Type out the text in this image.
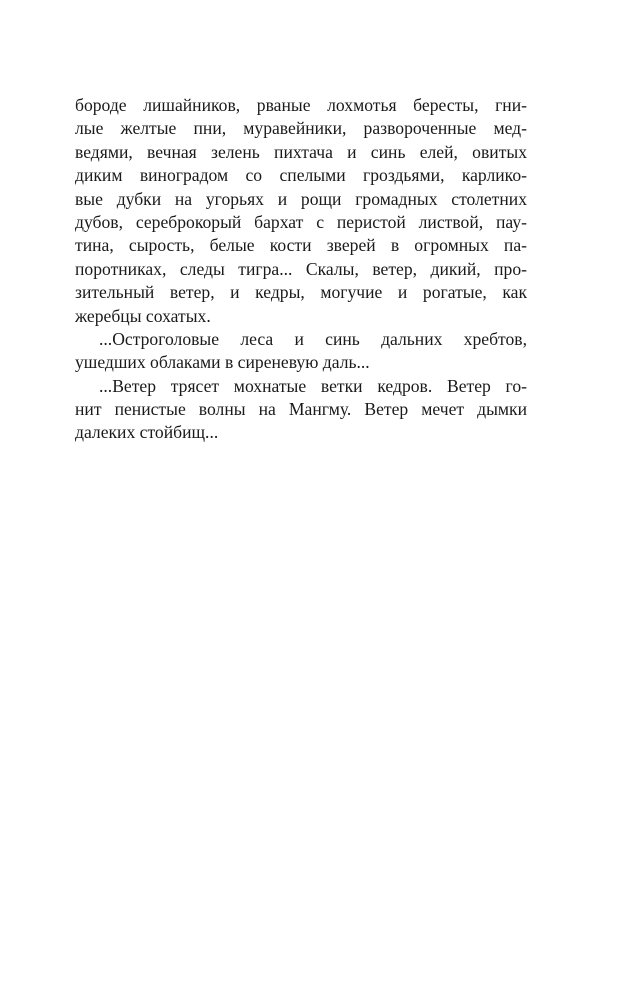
бороде лишайников, рваные лохмотья бересты, гни-
лые желтые пни, муравейники, развороченные мед-
ведями, вечная зелень пихтача и синь елей, овитых
диким виноградом со спелыми гроздьями, карлико-
вые дубки на угорьях и рощи громадных столетних
дубов, сереброкорый бархат с перистой листвой, пау-
тина, сырость, белые кости зверей в огромных па-
поротниках, следы тигра... Скалы, ветер, дикий, про-
зительный ветер, и кедры, могучие и рогатые, как
жеребцы сохатых.
...Остроголовые леса и синь дальних хребтов,
ушедших облаками в сиреневую даль...
...Ветер трясет мохнатые ветки кедров. Ветер го-
нит пенистые волны на Мангму. Ветер мечет дымки
далеких стойбищ...
